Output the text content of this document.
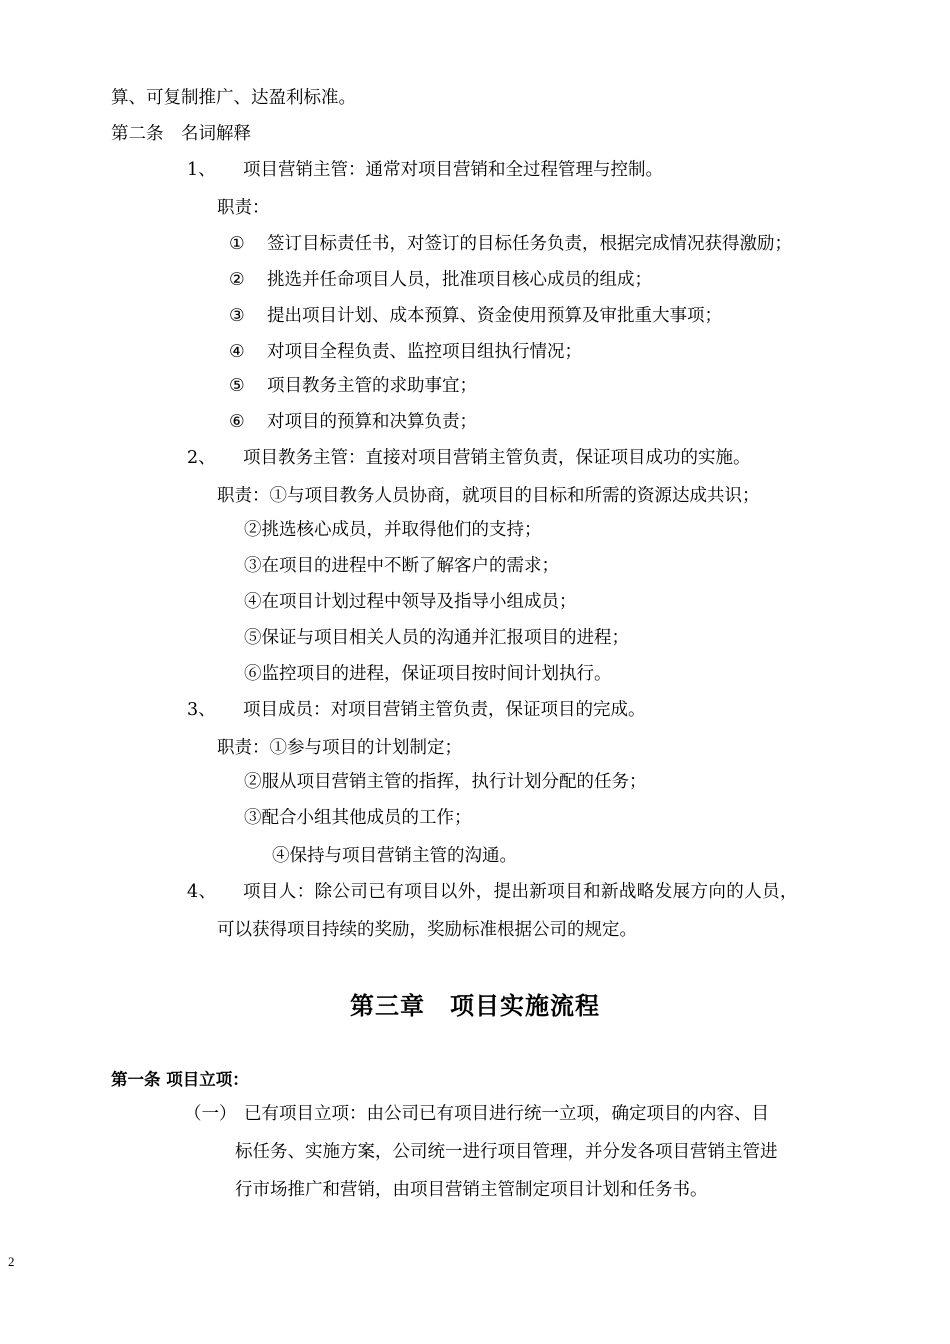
算、可复制推广、达盈利标准。
第二条　名词解释
1、 项目营销主管：通常对项目营销和全过程管理与控制。
职责：
① 签订目标责任书，对签订的目标任务负责，根据完成情况获得激励；
② 挑选并任命项目人员，批准项目核心成员的组成；
③ 提出项目计划、成本预算、资金使用预算及审批重大事项；
④ 对项目全程负责、监控项目组执行情况；
⑤ 项目教务主管的求助事宜；
⑥ 对项目的预算和决算负责；
2、 项目教务主管：直接对项目营销主管负责，保证项目成功的实施。
职责：①与项目教务人员协商，就项目的目标和所需的资源达成共识；
②挑选核心成员，并取得他们的支持；
③在项目的进程中不断了解客户的需求；
④在项目计划过程中领导及指导小组成员；
⑤保证与项目相关人员的沟通并汇报项目的进程；
⑥监控项目的进程，保证项目按时间计划执行。
3、 项目成员：对项目营销主管负责，保证项目的完成。
职责：①参与项目的计划制定；
②服从项目营销主管的指挥，执行计划分配的任务；
③配合小组其他成员的工作；
④保持与项目营销主管的沟通。
4、 项目人：除公司已有项目以外，提出新项目和新战略发展方向的人员，
可以获得项目持续的奖励，奖励标准根据公司的规定。
第三章　项目实施流程
第一条 项目立项：
（一） 已有项目立项：由公司已有项目进行统一立项，确定项目的内容、目
标任务、实施方案，公司统一进行项目管理，并分发各项目营销主管进
行市场推广和营销，由项目营销主管制定项目计划和任务书。
2
